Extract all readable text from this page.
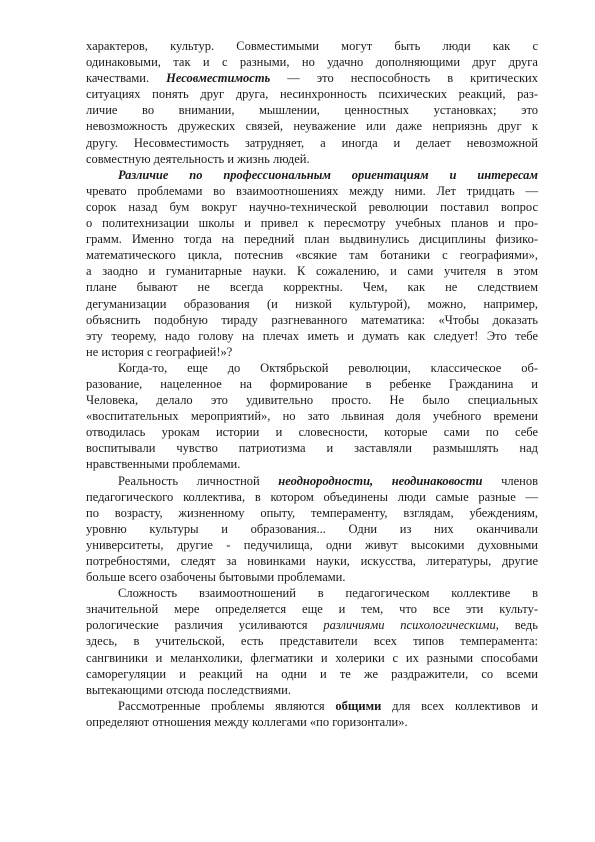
характеров, культур. Совместимыми могут быть люди как с
одинаковыми, так и с разными, но удачно дополняющими друг друга
качествами. Несовместимость — это неспособность в критических
ситуациях понять друг друга, несинхронность психических реакций, раз-
личие во внимании, мышлении, ценностных установках; это
невозможность дружеских связей, неуважение или даже неприязнь друг к
другу. Несовместимость затрудняет, а иногда и делает невозможной
совместную деятельность и жизнь людей.
Различие по профессиональным ориентациям и интересам
чревато проблемами во взаимоотношениях между ними. Лет тридцать —
сорок назад бум вокруг научно-технической революции поставил вопрос
о политехнизации школы и привел к пересмотру учебных планов и про-
грамм. Именно тогда на передний план выдвинулись дисциплины физико-
математического цикла, потеснив «всякие там ботаники с географиями»,
а заодно и гуманитарные науки. К сожалению, и сами учителя в этом
плане бывают не всегда корректны. Чем, как не следствием
дегуманизации образования (и низкой культурой), можно, например,
объяснить подобную тираду разгневанного математика: «Чтобы доказать
эту теорему, надо голову на плечах иметь и думать как следует! Это тебе
не история с географией!»?
Когда-то, еще до Октябрьской революции, классическое об-
разование, нацеленное на формирование в ребенке Гражданина и
Человека, делало это удивительно просто. Не было специальных
«воспитательных мероприятий», но зато львиная доля учебного времени
отводилась урокам истории и словесности, которые сами по себе
воспитывали чувство патриотизма и заставляли размышлять над
нравственными проблемами.
Реальность личностной неоднородности, неодинаковости членов
педагогического коллектива, в котором объединены люди самые разные —
по возрасту, жизненному опыту, темпераменту, взглядам, убеждениям,
уровню культуры и образования... Одни из них оканчивали
университеты, другие - педучилища, одни живут высокими духовными
потребностями, следят за новинками науки, искусства, литературы, другие
больше всего озабочены бытовыми проблемами.
Сложность взаимоотношений в педагогическом коллективе в
значительной мере определяется еще и тем, что все эти культу-
рологические различия усиливаются различиями психологическими, ведь
здесь, в учительской, есть представители всех типов темперамента:
сангвиники и меланхолики, флегматики и холерики с их разными способами
саморегуляции и реакций на одни и те же раздражители, со всеми
вытекающими отсюда последствиями.
Рассмотренные проблемы являются общими для всех коллективов и
определяют отношения между коллегами «по горизонтали».
